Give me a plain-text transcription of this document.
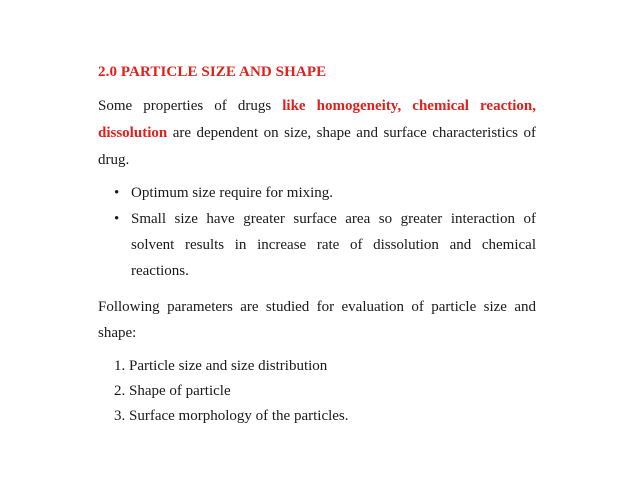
2.0 PARTICLE SIZE AND SHAPE

Some properties of drugs like homogeneity, chemical reaction, dissolution are dependent on size, shape and surface characteristics of drug.

• Optimum size require for mixing.
• Small size have greater surface area so greater interaction of solvent results in increase rate of dissolution and chemical reactions.

Following parameters are studied for evaluation of particle size and shape:

1. Particle size and size distribution
2. Shape of particle
3. Surface morphology of the particles.
